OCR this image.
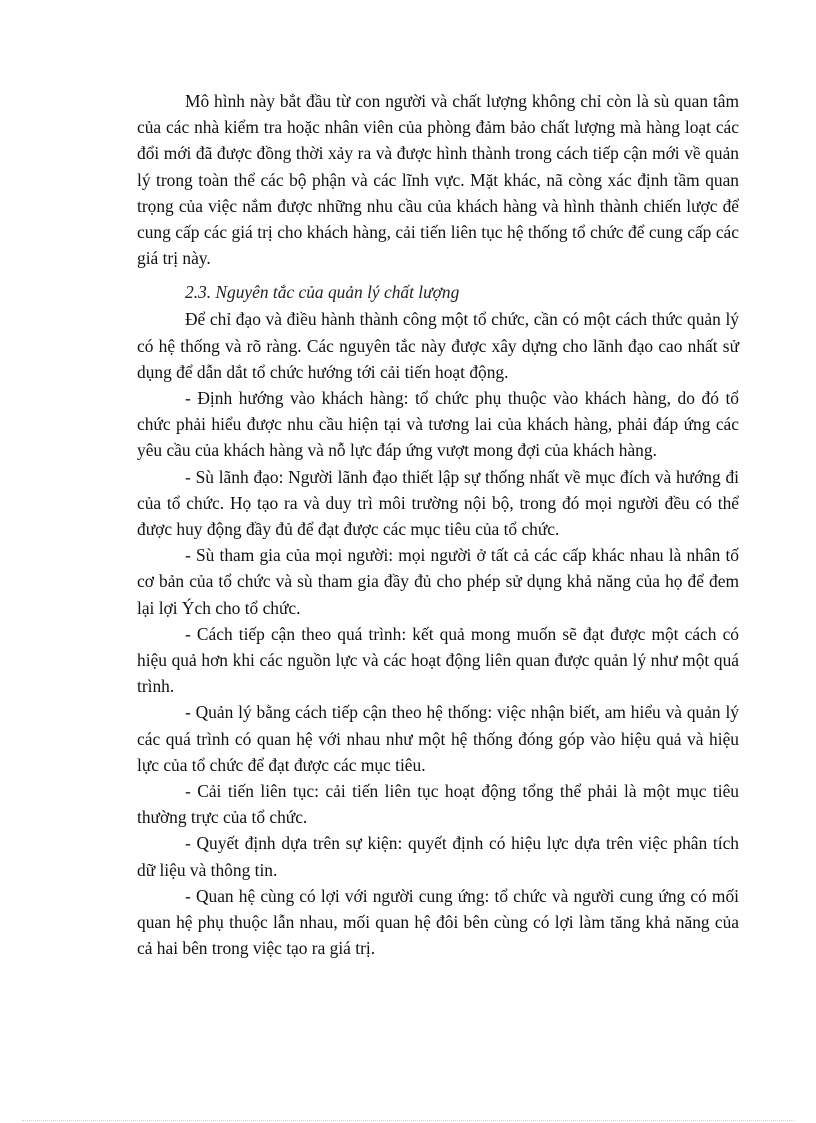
Mô hình này bắt đầu từ con người và chất lượng không chỉ còn là sù quan tâm của các nhà kiểm tra hoặc nhân viên của phòng đảm bảo chất lượng mà hàng loạt các đổi mới đã được đồng thời xảy ra và được hình thành trong cách tiếp cận mới về quản lý trong toàn thể các bộ phận và các lĩnh vực. Mặt khác, nã còng xác định tầm quan trọng của việc nắm được những nhu cầu của khách hàng và hình thành chiến lược để cung cấp các giá trị cho khách hàng, cải tiến liên tục hệ thống tổ chức để cung cấp các giá trị này.

2.3. Nguyên tắc của quản lý chất lượng

Để chỉ đạo và điều hành thành công một tổ chức, cần có một cách thức quản lý có hệ thống và rõ ràng. Các nguyên tắc này được xây dựng cho lãnh đạo cao nhất sử dụng để dẫn dắt tổ chức hướng tới cải tiến hoạt động.

- Định hướng vào khách hàng: tổ chức phụ thuộc vào khách hàng, do đó tổ chức phải hiểu được nhu cầu hiện tại và tương lai của khách hàng, phải đáp ứng các yêu cầu của khách hàng và nỗ lực đáp ứng vượt mong đợi của khách hàng.

- Sù lãnh đạo: Người lãnh đạo thiết lập sự thống nhất về mục đích và hướng đi của tổ chức. Họ tạo ra và duy trì môi trường nội bộ, trong đó mọi người đều có thể được huy động đầy đủ để đạt được các mục tiêu của tổ chức.

- Sù tham gia của mọi người: mọi người ở tất cả các cấp khác nhau là nhân tố cơ bản của tổ chức và sù tham gia đầy đủ cho phép sử dụng khả năng của họ để đem lại lợi Ých cho tổ chức.

- Cách tiếp cận theo quá trình: kết quả mong muốn sẽ đạt được một cách có hiệu quả hơn khi các nguồn lực và các hoạt động liên quan được quản lý như một quá trình.

- Quản lý bằng cách tiếp cận theo hệ thống: việc nhận biết, am hiểu và quản lý các quá trình có quan hệ với nhau như một hệ thống đóng góp vào hiệu quả và hiệu lực của tổ chức để đạt được các mục tiêu.

- Cải tiến liên tục: cải tiến liên tục hoạt động tổng thể phải là một mục tiêu thường trực của tổ chức.

- Quyết định dựa trên sự kiện: quyết định có hiệu lực dựa trên việc phân tích dữ liệu và thông tin.

- Quan hệ cùng có lợi với người cung ứng: tổ chức và người cung ứng có mối quan hệ phụ thuộc lẫn nhau, mối quan hệ đôi bên cùng có lợi làm tăng khả năng của cả hai bên trong việc tạo ra giá trị.
